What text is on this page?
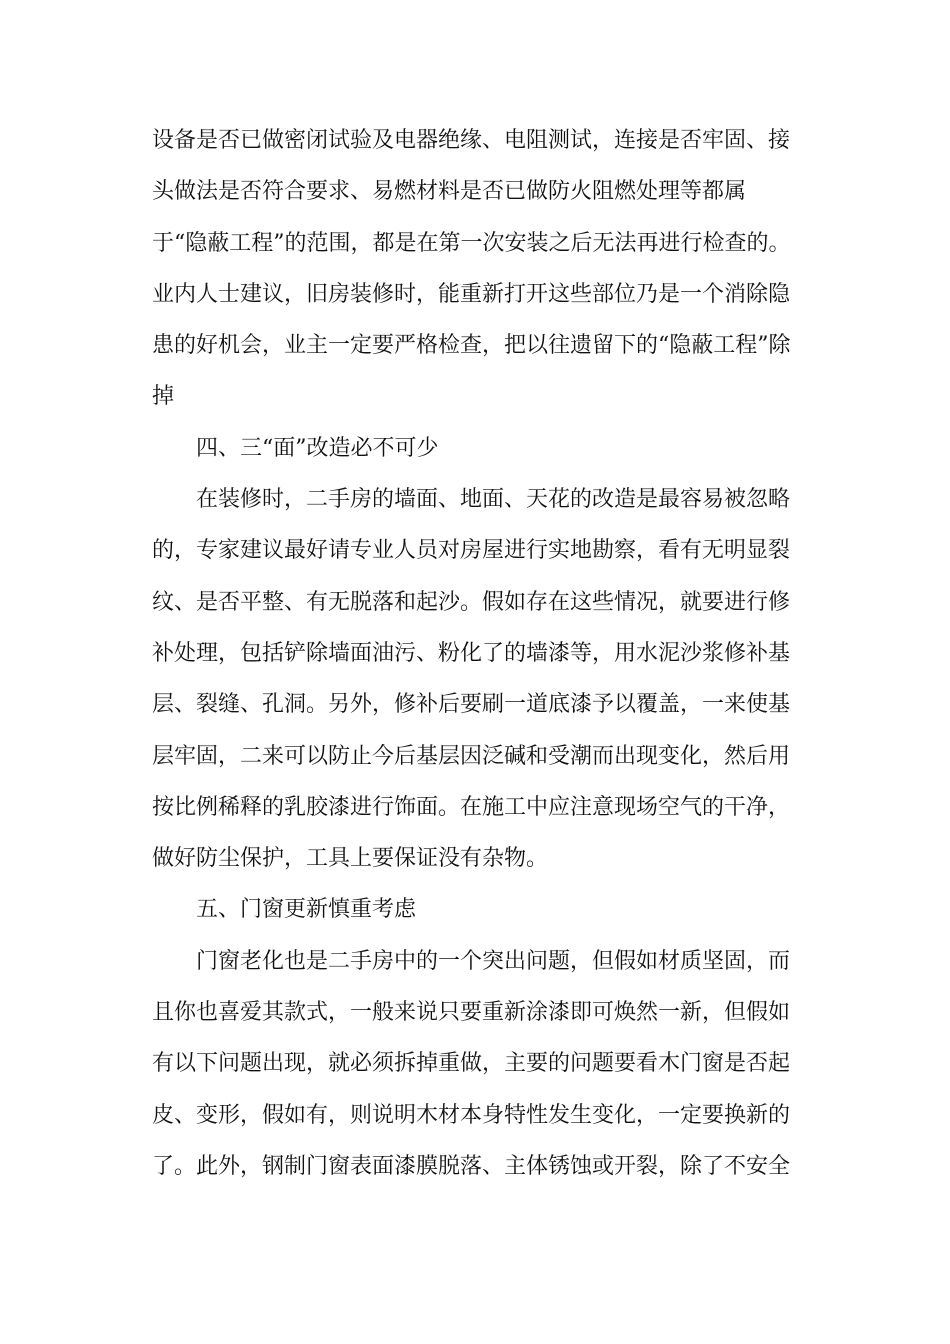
设备是否已做密闭试验及电器绝缘、电阻测试，连接是否牢固、接
头做法是否符合要求、易燃材料是否已做防火阻燃处理等都属
于“隐蔽工程”的范围，都是在第一次安装之后无法再进行检查的。
业内人士建议，旧房装修时，能重新打开这些部位乃是一个消除隐
患的好机会，业主一定要严格检查，把以往遗留下的“隐蔽工程”除
掉
四、三“面”改造必不可少
在装修时，二手房的墙面、地面、天花的改造是最容易被忽略
的，专家建议最好请专业人员对房屋进行实地勘察，看有无明显裂
纹、是否平整、有无脱落和起沙。假如存在这些情况，就要进行修
补处理，包括铲除墙面油污、粉化了的墙漆等，用水泥沙浆修补基
层、裂缝、孔洞。另外，修补后要刷一道底漆予以覆盖，一来使基
层牢固，二来可以防止今后基层因泛碱和受潮而出现变化，然后用
按比例稀释的乳胶漆进行饰面。在施工中应注意现场空气的干净，
做好防尘保护，工具上要保证没有杂物。
五、门窗更新慎重考虑
门窗老化也是二手房中的一个突出问题，但假如材质坚固，而
且你也喜爱其款式，一般来说只要重新涂漆即可焕然一新，但假如
有以下问题出现，就必须拆掉重做，主要的问题要看木门窗是否起
皮、变形，假如有，则说明木材本身特性发生变化，一定要换新的
了。此外，钢制门窗表面漆膜脱落、主体锈蚀或开裂，除了不安全
